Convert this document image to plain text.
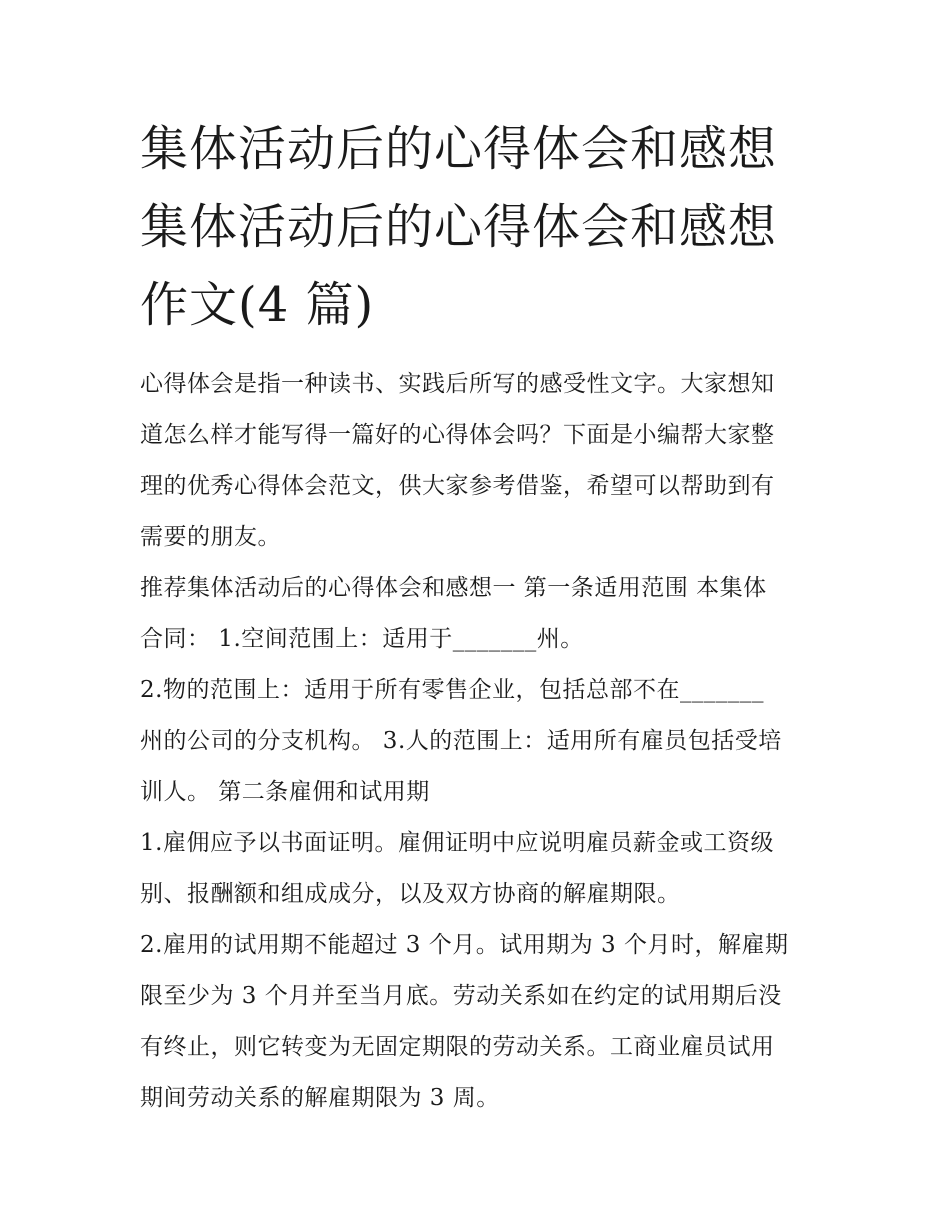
集体活动后的心得体会和感想
集体活动后的心得体会和感想
作文(4 篇)

心得体会是指一种读书、实践后所写的感受性文字。大家想知
道怎么样才能写得一篇好的心得体会吗？下面是小编帮大家整
理的优秀心得体会范文，供大家参考借鉴，希望可以帮助到有
需要的朋友。

推荐集体活动后的心得体会和感想一 第一条适用范围 本集体
合同： 1.空间范围上：适用于_______州。

2.物的范围上：适用于所有零售企业，包括总部不在_______
州的公司的分支机构。 3.人的范围上：适用所有雇员包括受培
训人。 第二条雇佣和试用期

1.雇佣应予以书面证明。雇佣证明中应说明雇员薪金或工资级
别、报酬额和组成成分，以及双方协商的解雇期限。

2.雇用的试用期不能超过 3 个月。试用期为 3 个月时，解雇期
限至少为 3 个月并至当月底。劳动关系如在约定的试用期后没
有终止，则它转变为无固定期限的劳动关系。工商业雇员试用
期间劳动关系的解雇期限为 3 周。
